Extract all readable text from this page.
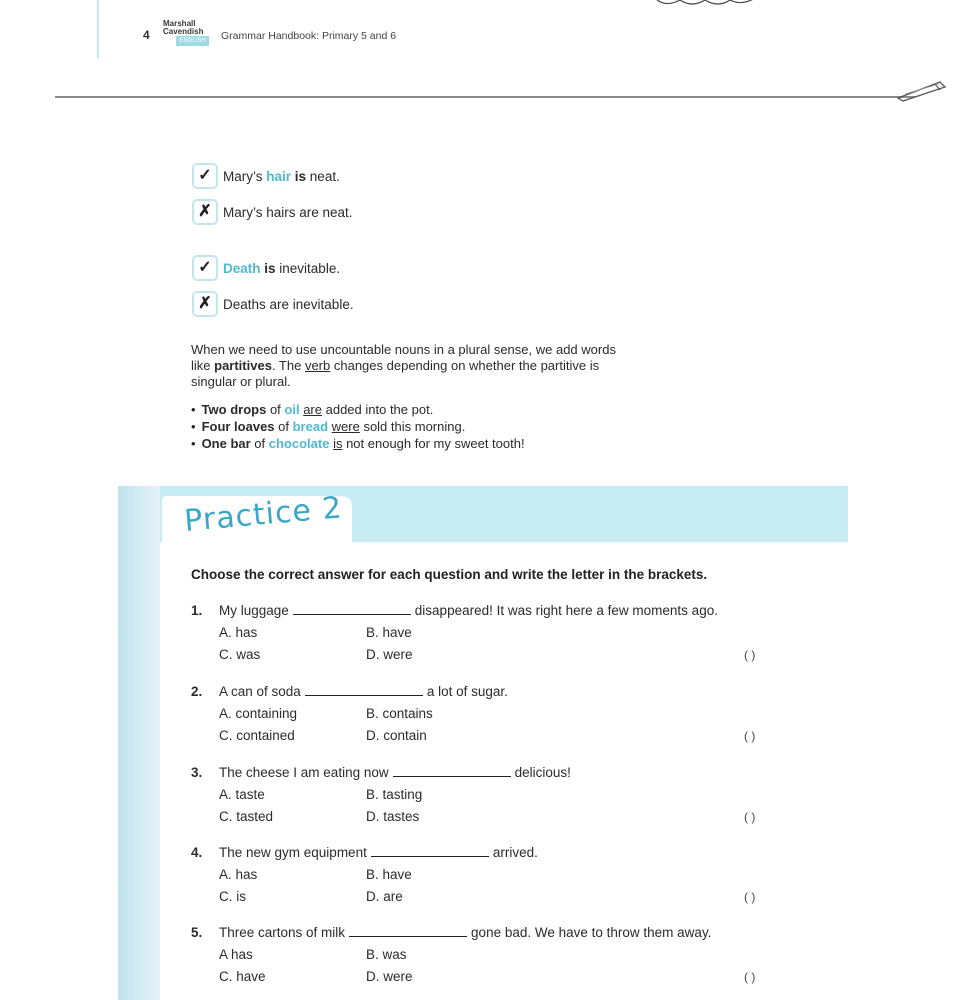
4
Marshall
Cavendish
ENGLISH	Grammar Handbook: Primary 5 and 6
✓ Mary’s hair is neat.
✗ Mary’s hairs are neat.
✓ Death is inevitable.
✗ Deaths are inevitable.
When we need to use uncountable nouns in a plural sense, we add words like partitives. The verb changes depending on whether the partitive is singular or plural.
• Two drops of oil are added into the pot.
• Four loaves of bread were sold this morning.
• One bar of chocolate is not enough for my sweet tooth!
Practice 2
Choose the correct answer for each question and write the letter in the brackets.
1. My luggage	disappeared! It was right here a few moments ago.
A. has	B. have
C. was	D. were	( )
2. A can of soda	a lot of sugar.
A. containing	B. contains
C. contained	D. contain	( )
3. The cheese I am eating now	delicious!
A. taste	B. tasting
C. tasted	D. tastes	( )
4. The new gym equipment	arrived.
A. has	B. have
C. is	D. are	( )
5. Three cartons of milk	gone bad. We have to throw them away.
A has	B. was
C. have	D. were	( )
